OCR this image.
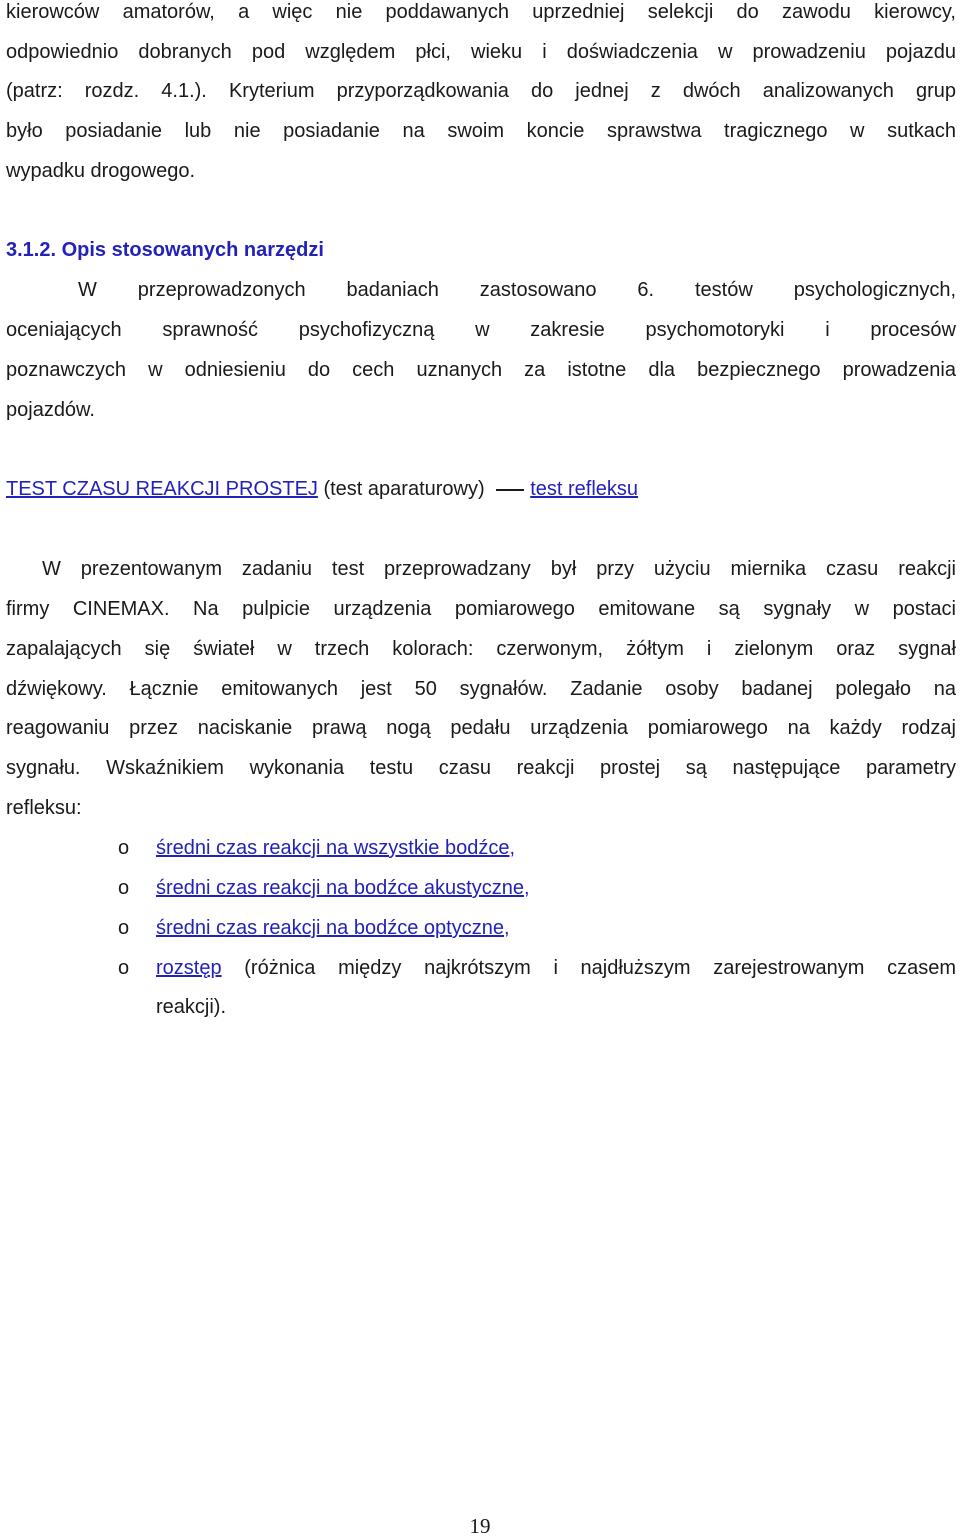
kierowców amatorów, a więc nie poddawanych uprzedniej selekcji do zawodu kierowcy,
odpowiednio dobranych pod względem płci, wieku i doświadczenia w prowadzeniu pojazdu
(patrz: rozdz. 4.1.). Kryterium przyporządkowania do jednej z dwóch analizowanych grup
było posiadanie lub nie posiadanie na swoim koncie sprawstwa tragicznego w sutkach
wypadku drogowego.
3.1.2. Opis stosowanych narzędzi
W przeprowadzonych badaniach zastosowano 6. testów psychologicznych,
oceniających sprawność psychofizyczną w zakresie psychomotoryki i procesów
poznawczych w odniesieniu do cech uznanych za istotne dla bezpiecznego prowadzenia
pojazdów.
TEST CZASU REAKCJI PROSTEJ (test aparaturowy) test refleksu
W prezentowanym zadaniu test przeprowadzany był przy użyciu miernika czasu reakcji
firmy CINEMAX. Na pulpicie urządzenia pomiarowego emitowane są sygnały w postaci
zapalających się świateł w trzech kolorach: czerwonym, żółtym i zielonym oraz sygnał
dźwiękowy. Łącznie emitowanych jest 50 sygnałów. Zadanie osoby badanej polegało na
reagowaniu przez naciskanie prawą nogą pedału urządzenia pomiarowego na każdy rodzaj
sygnału. Wskaźnikiem wykonania testu czasu reakcji prostej są następujące parametry
refleksu:
o średni czas reakcji na wszystkie bodźce,
o średni czas reakcji na bodźce akustyczne,
o średni czas reakcji na bodźce optyczne,
o rozstęp (różnica między najkrótszym i najdłuższym zarejestrowanym czasem
reakcji).
19
